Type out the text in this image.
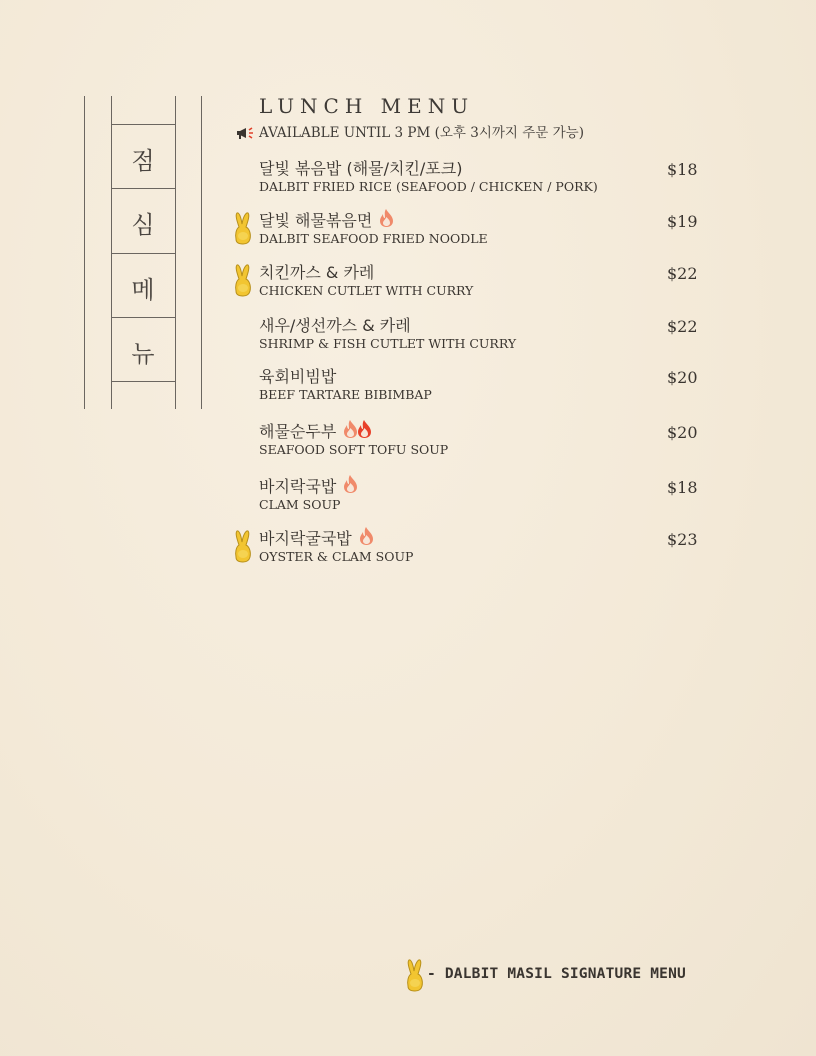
점
심
메
뉴
LUNCH MENU
AVAILABLE UNTIL 3 PM (오후 3시까지 주문 가능)
달빛 볶음밥 (해물/치킨/포크)
DALBIT FRIED RICE (SEAFOOD / CHICKEN / PORK)
$18
달빛 해물볶음면
DALBIT SEAFOOD FRIED NOODLE
$19
치킨까스 & 카레
CHICKEN CUTLET WITH CURRY
$22
새우/생선까스 & 카레
SHRIMP & FISH CUTLET WITH CURRY
$22
육회비빔밥
BEEF TARTARE BIBIMBAP
$20
해물순두부
SEAFOOD SOFT TOFU SOUP
$20
바지락국밥
CLAM SOUP
$18
바지락굴국밥
OYSTER & CLAM SOUP
$23
- DALBIT MASIL SIGNATURE MENU
